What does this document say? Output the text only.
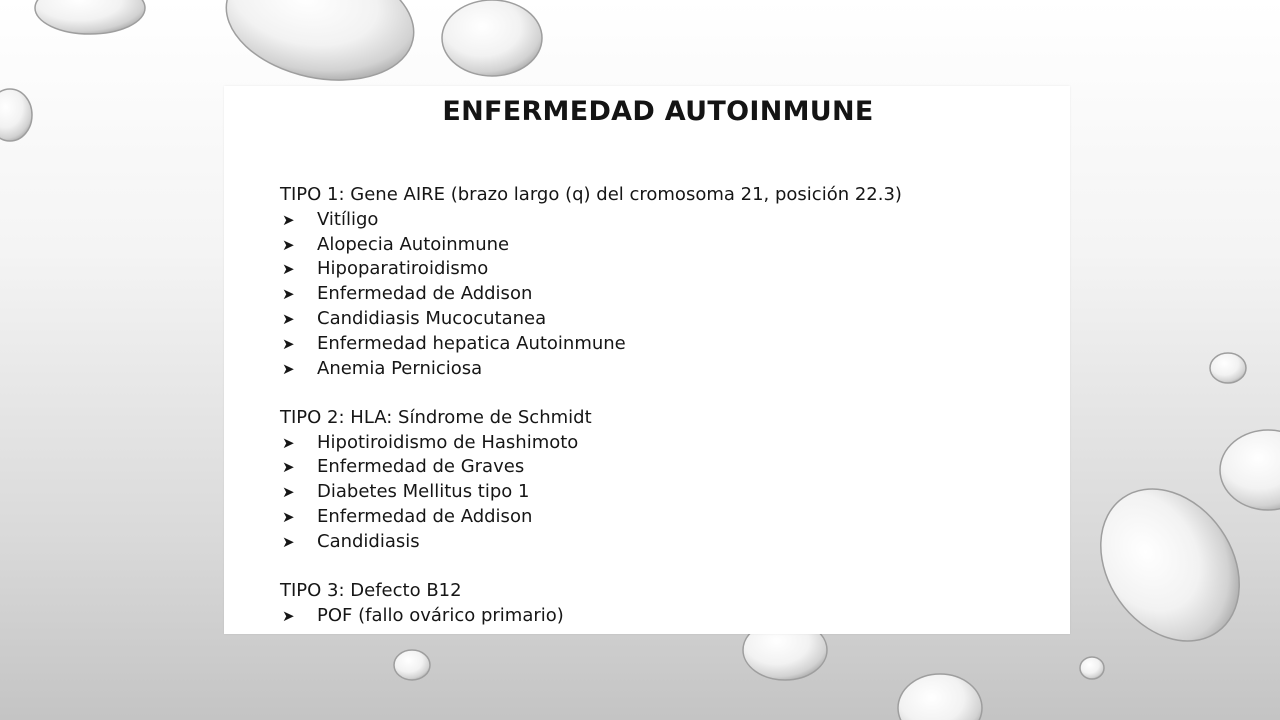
ENFERMEDAD AUTOINMUNE
TIPO 1: Gene AIRE (brazo largo (q) del cromosoma 21, posición 22.3)
➤ Vitíligo
➤ Alopecia Autoinmune
➤ Hipoparatiroidismo
➤ Enfermedad de Addison
➤ Candidiasis Mucocutanea
➤ Enfermedad hepatica Autoinmune
➤ Anemia Perniciosa
TIPO 2: HLA: Síndrome de Schmidt
➤ Hipotiroidismo de Hashimoto
➤ Enfermedad de Graves
➤ Diabetes Mellitus tipo 1
➤ Enfermedad de Addison
➤ Candidiasis
TIPO 3: Defecto B12
➤ POF (fallo ovárico primario)
